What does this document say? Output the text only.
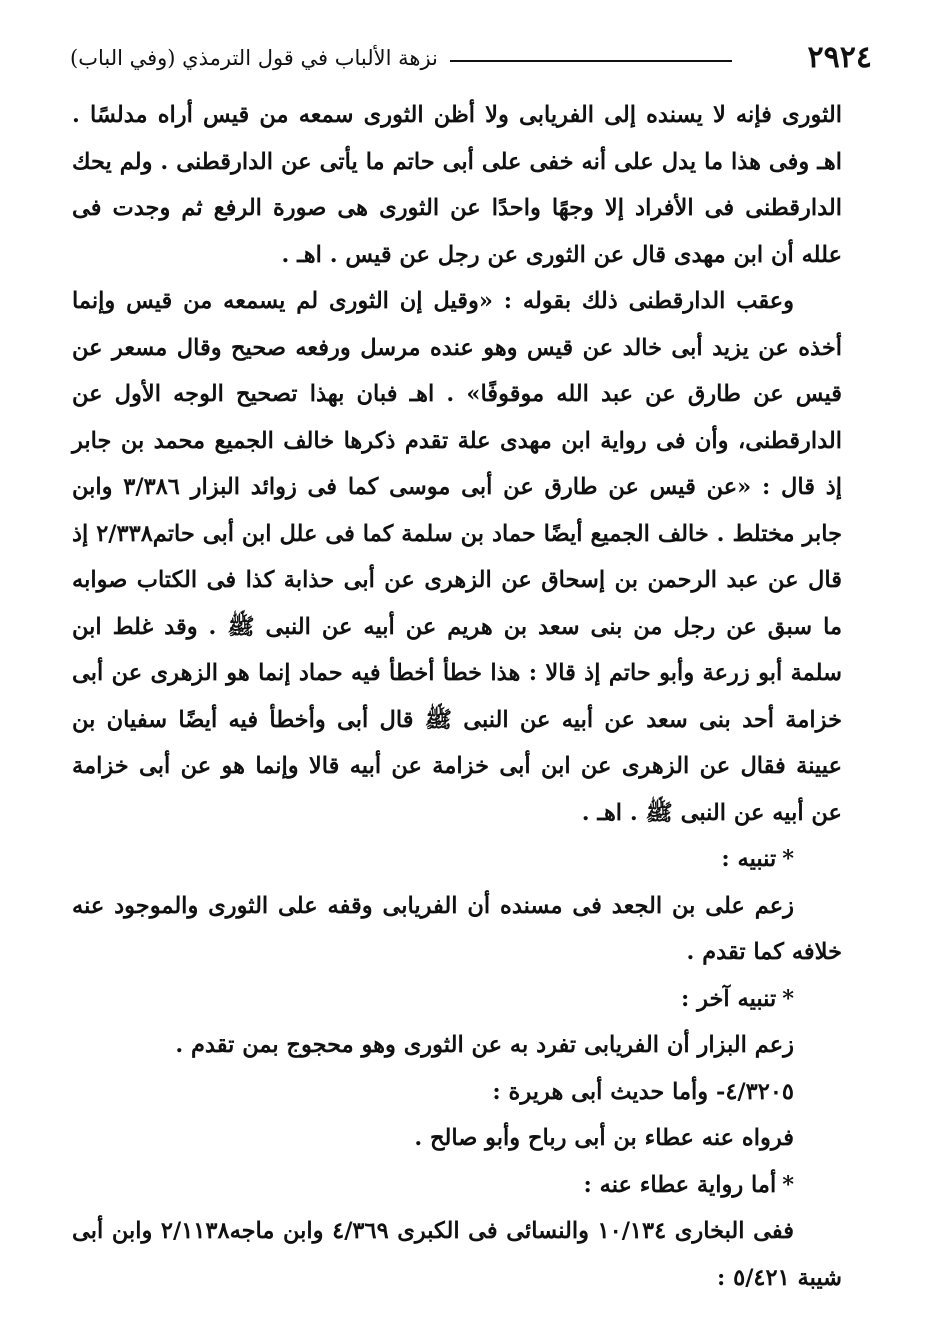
٢٩٢٤
نزهة الألباب في قول الترمذي (وفي الباب)

الثورى فإنه لا يسنده إلى الفريابى ولا أظن الثورى سمعه من قيس أراه مدلسًا . اهـ وفى هذا ما يدل على أنه خفى على أبى حاتم ما يأتى عن الدارقطنى . ولم يحك الدارقطنى فى الأفراد إلا وجهًا واحدًا عن الثورى هى صورة الرفع ثم وجدت فى علله أن ابن مهدى قال عن الثورى عن رجل عن قيس . اهـ .

وعقب الدارقطنى ذلك بقوله : «وقيل إن الثورى لم يسمعه من قيس وإنما أخذه عن يزيد أبى خالد عن قيس وهو عنده مرسل ورفعه صحيح وقال مسعر عن قيس عن طارق عن عبد الله موقوفًا» . اهـ فبان بهذا تصحيح الوجه الأول عن الدارقطنى، وأن فى رواية ابن مهدى علة تقدم ذكرها خالف الجميع محمد بن جابر إذ قال : «عن قيس عن طارق عن أبى موسى كما فى زوائد البزار ٣/٣٨٦ وابن جابر مختلط . خالف الجميع أيضًا حماد بن سلمة كما فى علل ابن أبى حاتم٢/٣٣٨ إذ قال عن عبد الرحمن بن إسحاق عن الزهرى عن أبى حذابة كذا فى الكتاب صوابه ما سبق عن رجل من بنى سعد بن هريم عن أبيه عن النبى ﷺ . وقد غلط ابن سلمة أبو زرعة وأبو حاتم إذ قالا : هذا خطأ أخطأ فيه حماد إنما هو الزهرى عن أبى خزامة أحد بنى سعد عن أبيه عن النبى ﷺ قال أبى وأخطأ فيه أيضًا سفيان بن عيينة فقال عن الزهرى عن ابن أبى خزامة عن أبيه قالا وإنما هو عن أبى خزامة عن أبيه عن النبى ﷺ . اهـ .

*تنبيه :

زعم على بن الجعد فى مسنده أن الفريابى وقفه على الثورى والموجود عنه خلافه كما تقدم .

*تنبيه آخر :

زعم البزار أن الفريابى تفرد به عن الثورى وهو محجوج بمن تقدم .

٤/٣٢٠٥- وأما حديث أبى هريرة :

فرواه عنه عطاء بن أبى رباح وأبو صالح .

*أما رواية عطاء عنه :

ففى البخارى ١٠/١٣٤ والنسائى فى الكبرى ٤/٣٦٩ وابن ماجه٢/١١٣٨ وابن أبى شيبة ٥/٤٢١ :
